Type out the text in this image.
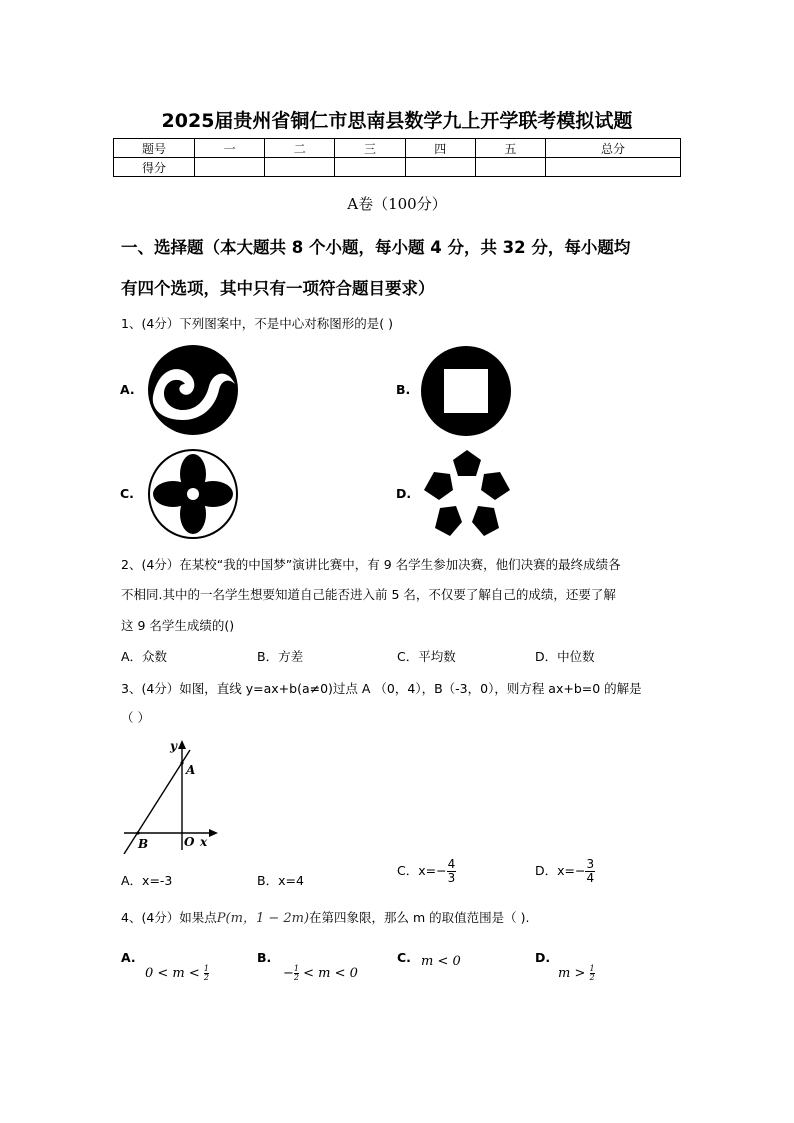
2025届贵州省铜仁市思南县数学九上开学联考模拟试题
题号	一	二	三	四	五	总分
得分						
A卷（100分）
一、选择题（本大题共 8 个小题，每小题 4 分，共 32 分，每小题均
有四个选项，其中只有一项符合题目要求）
1、(4分）下列图案中，不是中心对称图形的是( )
A.	B.
C.	D.
2、(4分）在某校“我的中国梦”演讲比赛中，有 9 名学生参加决赛，他们决赛的最终成绩各
不相同.其中的一名学生想要知道自己能否进入前 5 名，不仅要了解自己的成绩，还要了解
这 9 名学生成绩的()
A．众数	B．方差	C．平均数	D．中位数
3、(4分）如图，直线 y=ax+b(a≠0)过点 A （0，4），B（-3，0），则方程 ax+b=0 的解是
（ ）
y
A
B	O x
A．x=-3	B．x=4
C．$x=- \frac{4}{3}$	D．$x=- \frac{3}{4}$
4、(4分）如果点P(m，1 − 2m)在第四象限，那么 m 的取值范围是（ ).
A.
$0 < m < \frac{1}{2}$
B.
− $\frac{1}{2} < m < 0$
C. m < 0	D.
$m > \frac{1}{2}$
